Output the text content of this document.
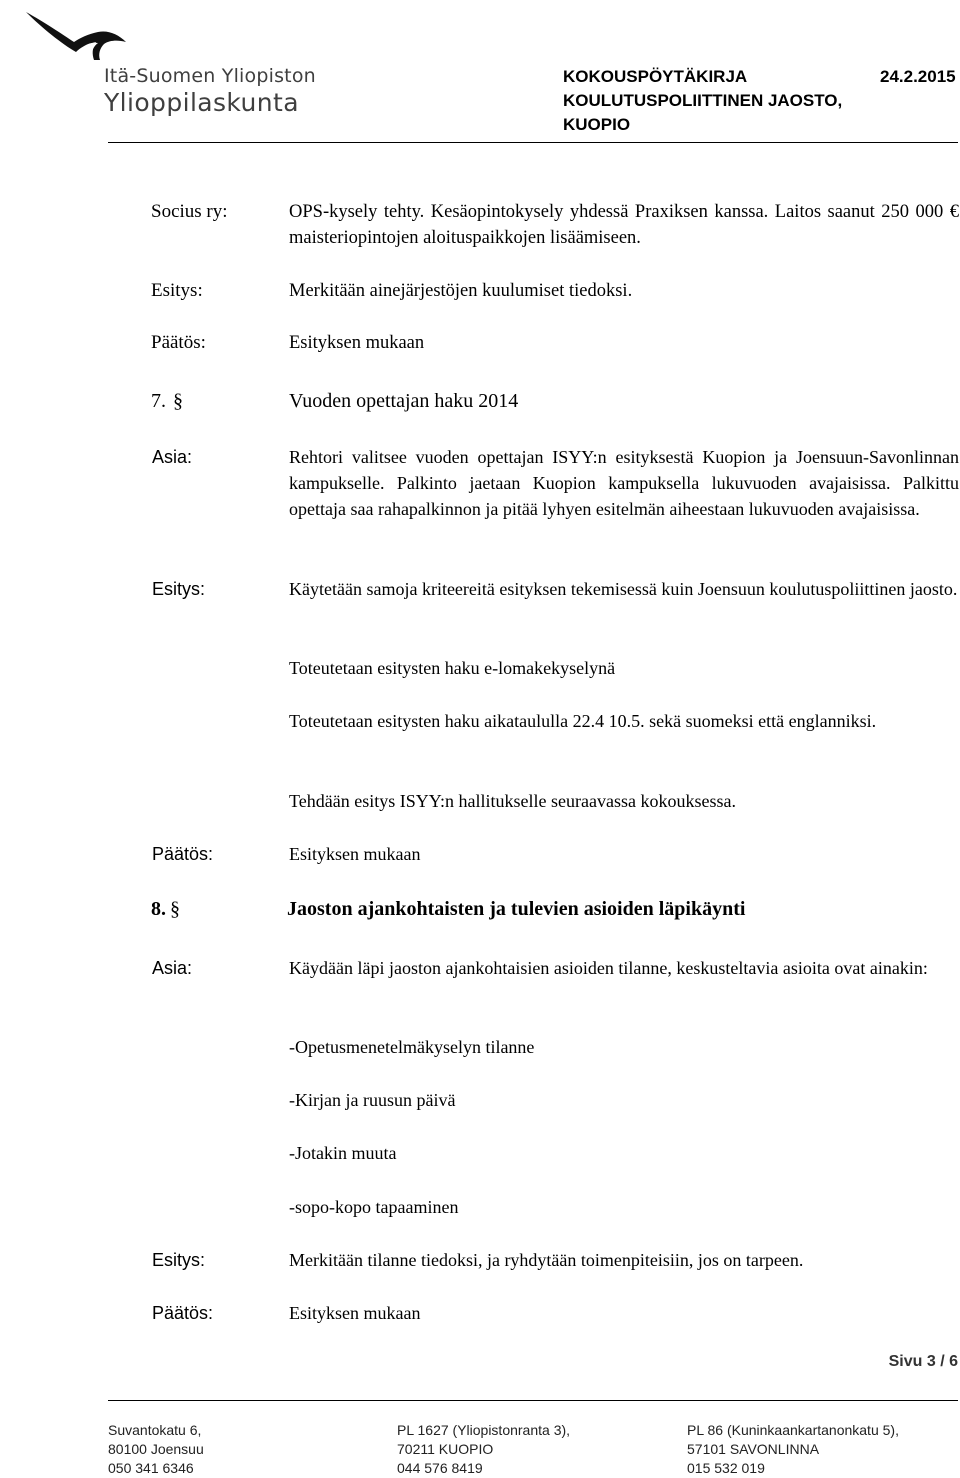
Itä-Suomen Yliopiston
Ylioppilaskunta
KOKOUSPÖYTÄKIRJA	24.2.2015
KOULUTUSPOLIITTINEN JAOSTO,
KUOPIO
Socius ry:	OPS-kysely tehty. Kesäopintokysely yhdessä Praxiksen kanssa. Laitos saanut 250 000 € maisteriopintojen aloituspaikkojen lisäämiseen.
Esitys:	Merkitään ainejärjestöjen kuulumiset tiedoksi.
Päätös:	Esityksen mukaan
7. §	Vuoden opettajan haku 2014
Asia:	Rehtori valitsee vuoden opettajan ISYY:n esityksestä Kuopion ja Joensuun-Savonlinnan kampukselle. Palkinto jaetaan Kuopion kampuksella lukuvuoden avajaisissa. Palkittu opettaja saa rahapalkinnon ja pitää lyhyen esitelmän aiheestaan lukuvuoden avajaisissa.
Esitys:	Käytetään samoja kriteereitä esityksen tekemisessä kuin Joensuun koulutuspoliittinen jaosto.
Toteutetaan esitysten haku e-lomakekyselynä
Toteutetaan esitysten haku aikataululla 22.4 10.5. sekä suomeksi että englanniksi.
Tehdään esitys ISYY:n hallitukselle seuraavassa kokouksessa.
Päätös:	Esityksen mukaan
8. §	Jaoston ajankohtaisten ja tulevien asioiden läpikäynti
Asia:	Käydään läpi jaoston ajankohtaisien asioiden tilanne, keskusteltavia asioita ovat ainakin:
-Opetusmenetelmäkyselyn tilanne
-Kirjan ja ruusun päivä
-Jotakin muuta
-sopo-kopo tapaaminen
Esitys:	Merkitään tilanne tiedoksi, ja ryhdytään toimenpiteisiin, jos on tarpeen.
Päätös:	Esityksen mukaan
Sivu 3 / 6
Suvantokatu 6,
80100 Joensuu
050 341 6346
PL 1627 (Yliopistonranta 3),
70211 KUOPIO
044 576 8419
PL 86 (Kuninkaankartanonkatu 5),
57101 SAVONLINNA
015 532 019
